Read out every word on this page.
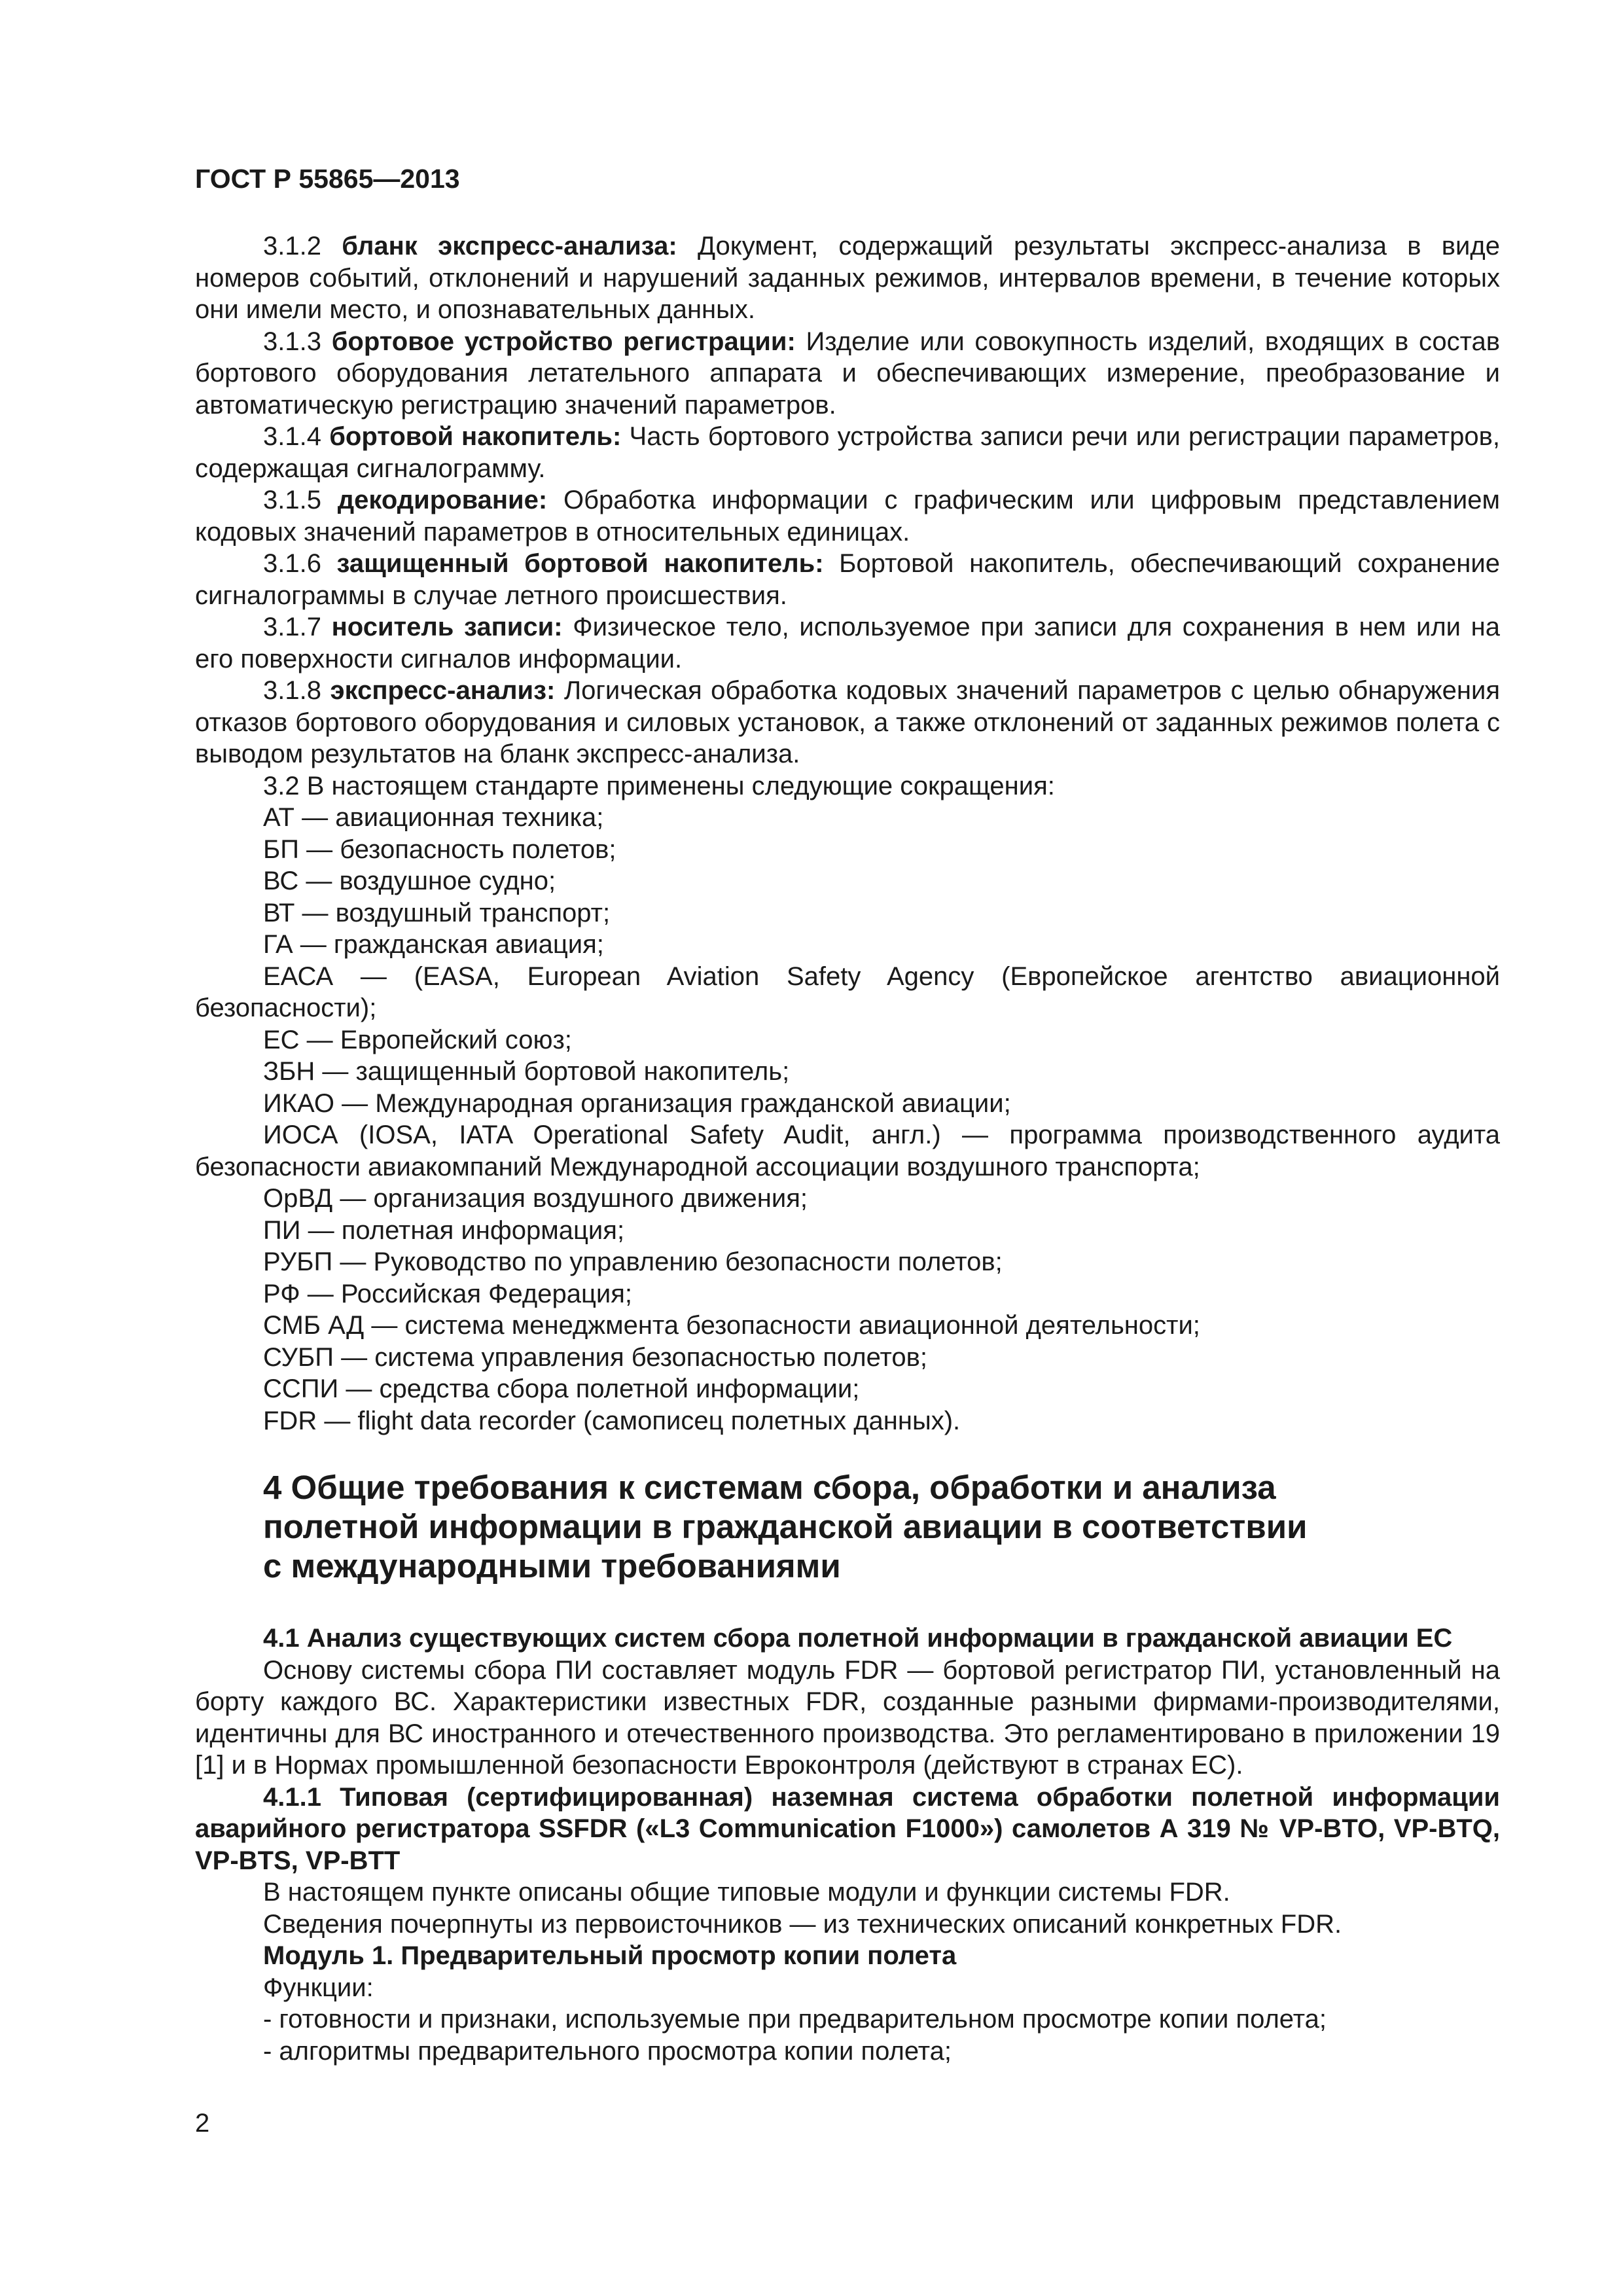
ГОСТ Р 55865—2013

3.1.2 бланк экспресс-анализа: Документ, содержащий результаты экспресс-анализа в виде номеров событий, отклонений и нарушений заданных режимов, интервалов времени, в течение которых они имели место, и опознавательных данных.

3.1.3 бортовое устройство регистрации: Изделие или совокупность изделий, входящих в состав бортового оборудования летательного аппарата и обеспечивающих измерение, преобразование и автоматическую регистрацию значений параметров.

3.1.4 бортовой накопитель: Часть бортового устройства записи речи или регистрации параметров, содержащая сигналограмму.

3.1.5 декодирование: Обработка информации с графическим или цифровым представлением кодовых значений параметров в относительных единицах.

3.1.6 защищенный бортовой накопитель: Бортовой накопитель, обеспечивающий сохранение сигналограммы в случае летного происшествия.

3.1.7 носитель записи: Физическое тело, используемое при записи для сохранения в нем или на его поверхности сигналов информации.

3.1.8 экспресс-анализ: Логическая обработка кодовых значений параметров с целью обнаружения отказов бортового оборудования и силовых установок, а также отклонений от заданных режимов полета с выводом результатов на бланк экспресс-анализа.

3.2 В настоящем стандарте применены следующие сокращения:

АТ — авиационная техника;

БП — безопасность полетов;

ВС — воздушное судно;

ВТ — воздушный транспорт;

ГА — гражданская авиация;

ЕАСА — (EASA, European Aviation Safety Agency (Европейское агентство авиационной безопасности);

ЕС — Европейский союз;

ЗБН — защищенный бортовой накопитель;

ИКАО — Международная организация гражданской авиации;

ИОСА (IOSA, IATA Operational Safety Audit, англ.) — программа производственного аудита безопасности авиакомпаний Международной ассоциации воздушного транспорта;

ОрВД — организация воздушного движения;

ПИ — полетная информация;

РУБП — Руководство по управлению безопасности полетов;

РФ — Российская Федерация;

СМБ АД — система менеджмента безопасности авиационной деятельности;

СУБП — система управления безопасностью полетов;

ССПИ — средства сбора полетной информации;

FDR — flight data recorder (самописец полетных данных).

4 Общие требования к системам сбора, обработки и анализа
полетной информации в гражданской авиации в соответствии
с международными требованиями

4.1 Анализ существующих систем сбора полетной информации в гражданской авиации ЕС

Основу системы сбора ПИ составляет модуль FDR — бортовой регистратор ПИ, установленный на борту каждого ВС. Характеристики известных FDR, созданные разными фирмами-производителями, идентичны для ВС иностранного и отечественного производства. Это регламентировано в приложении 19 [1] и в Нормах промышленной безопасности Евроконтроля (действуют в странах ЕС).

4.1.1 Типовая (сертифицированная) наземная система обработки полетной информации аварийного регистратора SSFDR («L3 Communication F1000») самолетов А 319 № VP-BTO, VP-BTQ, VP-BTS, VP-BTT

В настоящем пункте описаны общие типовые модули и функции системы FDR.

Сведения почерпнуты из первоисточников — из технических описаний конкретных FDR.

Модуль 1. Предварительный просмотр копии полета

Функции:

- готовности и признаки, используемые при предварительном просмотре копии полета;

- алгоритмы предварительного просмотра копии полета;

2
